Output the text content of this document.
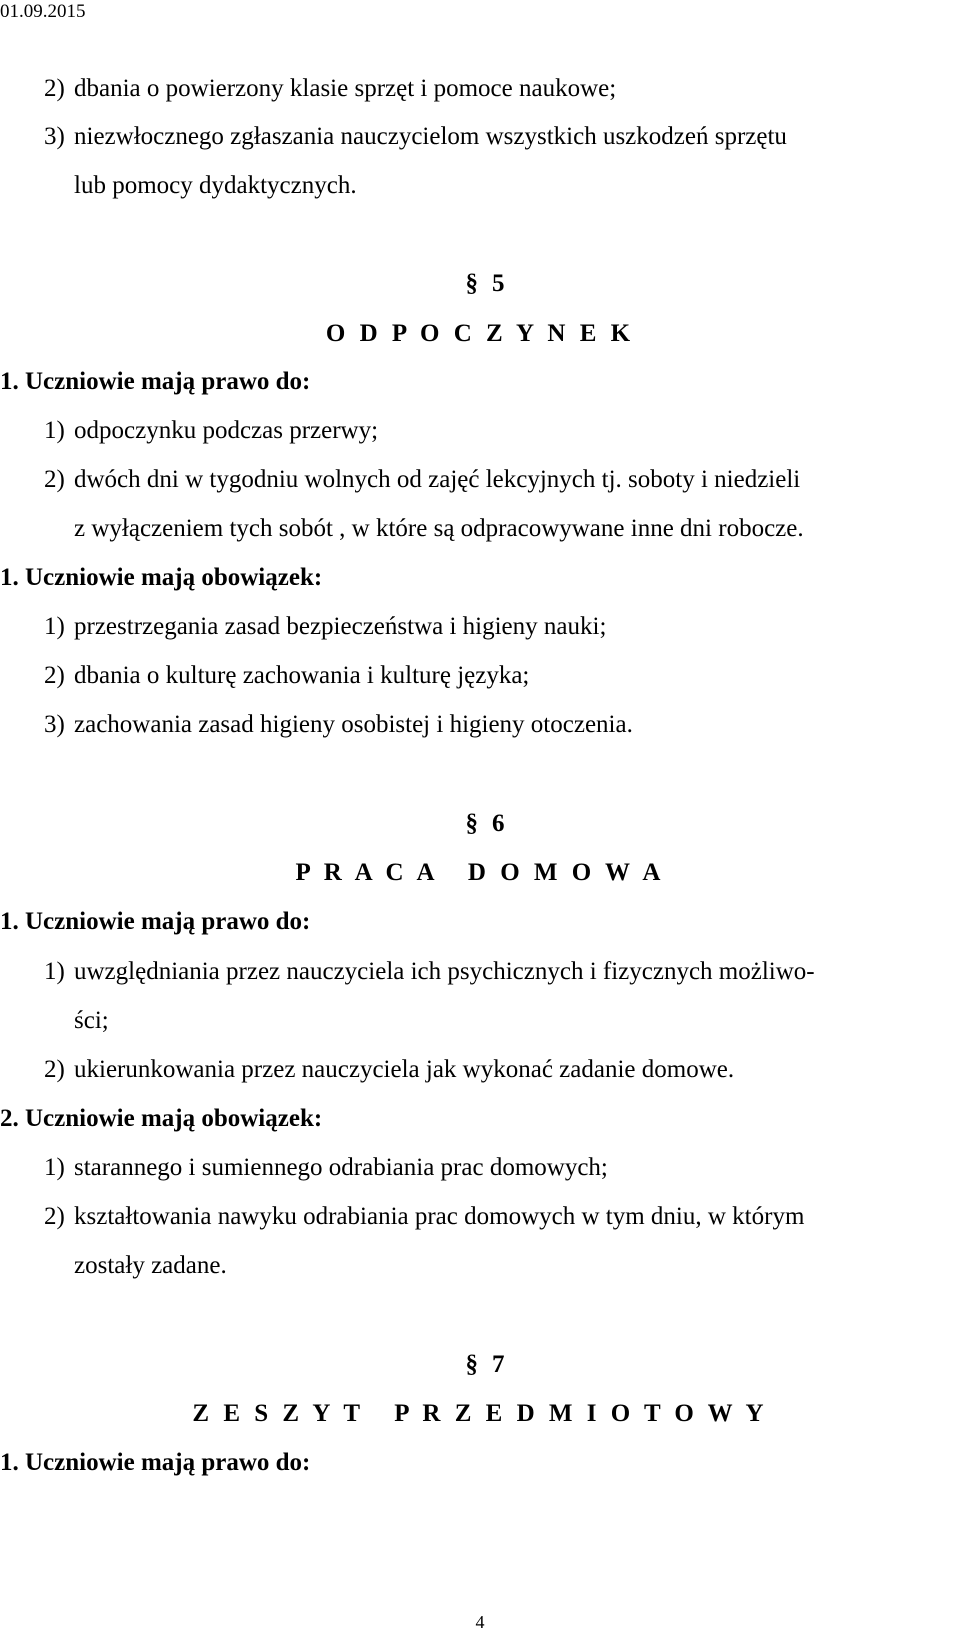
01.09.2015
2) dbania o powierzony klasie sprzęt i pomoce naukowe;
3) niezwłocznego zgłaszania nauczycielom wszystkich uszkodzeń sprzętu
lub pomocy dydaktycznych.
§ 5
O D P O C Z Y N E K
1. Uczniowie mają prawo do:
1) odpoczynku podczas przerwy;
2) dwóch dni w tygodniu wolnych od zajęć lekcyjnych tj. soboty i niedzieli
z wyłączeniem tych sobót , w które są odpracowywane inne dni robocze.
1. Uczniowie mają obowiązek:
1) przestrzegania zasad bezpieczeństwa i higieny nauki;
2) dbania o kulturę zachowania i kulturę języka;
3) zachowania zasad higieny osobistej i higieny otoczenia.
§ 6
P R A C A   D O M O W A
1. Uczniowie mają prawo do:
1) uwzględniania przez nauczyciela ich psychicznych i fizycznych możliwo-
ści;
2) ukierunkowania przez nauczyciela jak wykonać zadanie domowe.
2. Uczniowie mają obowiązek:
1) starannego i sumiennego odrabiania prac domowych;
2) kształtowania nawyku odrabiania prac domowych w tym dniu, w którym
zostały zadane.
§ 7
Z E S Z Y T   P R Z E D M I O T O W Y
1. Uczniowie mają prawo do:
4
